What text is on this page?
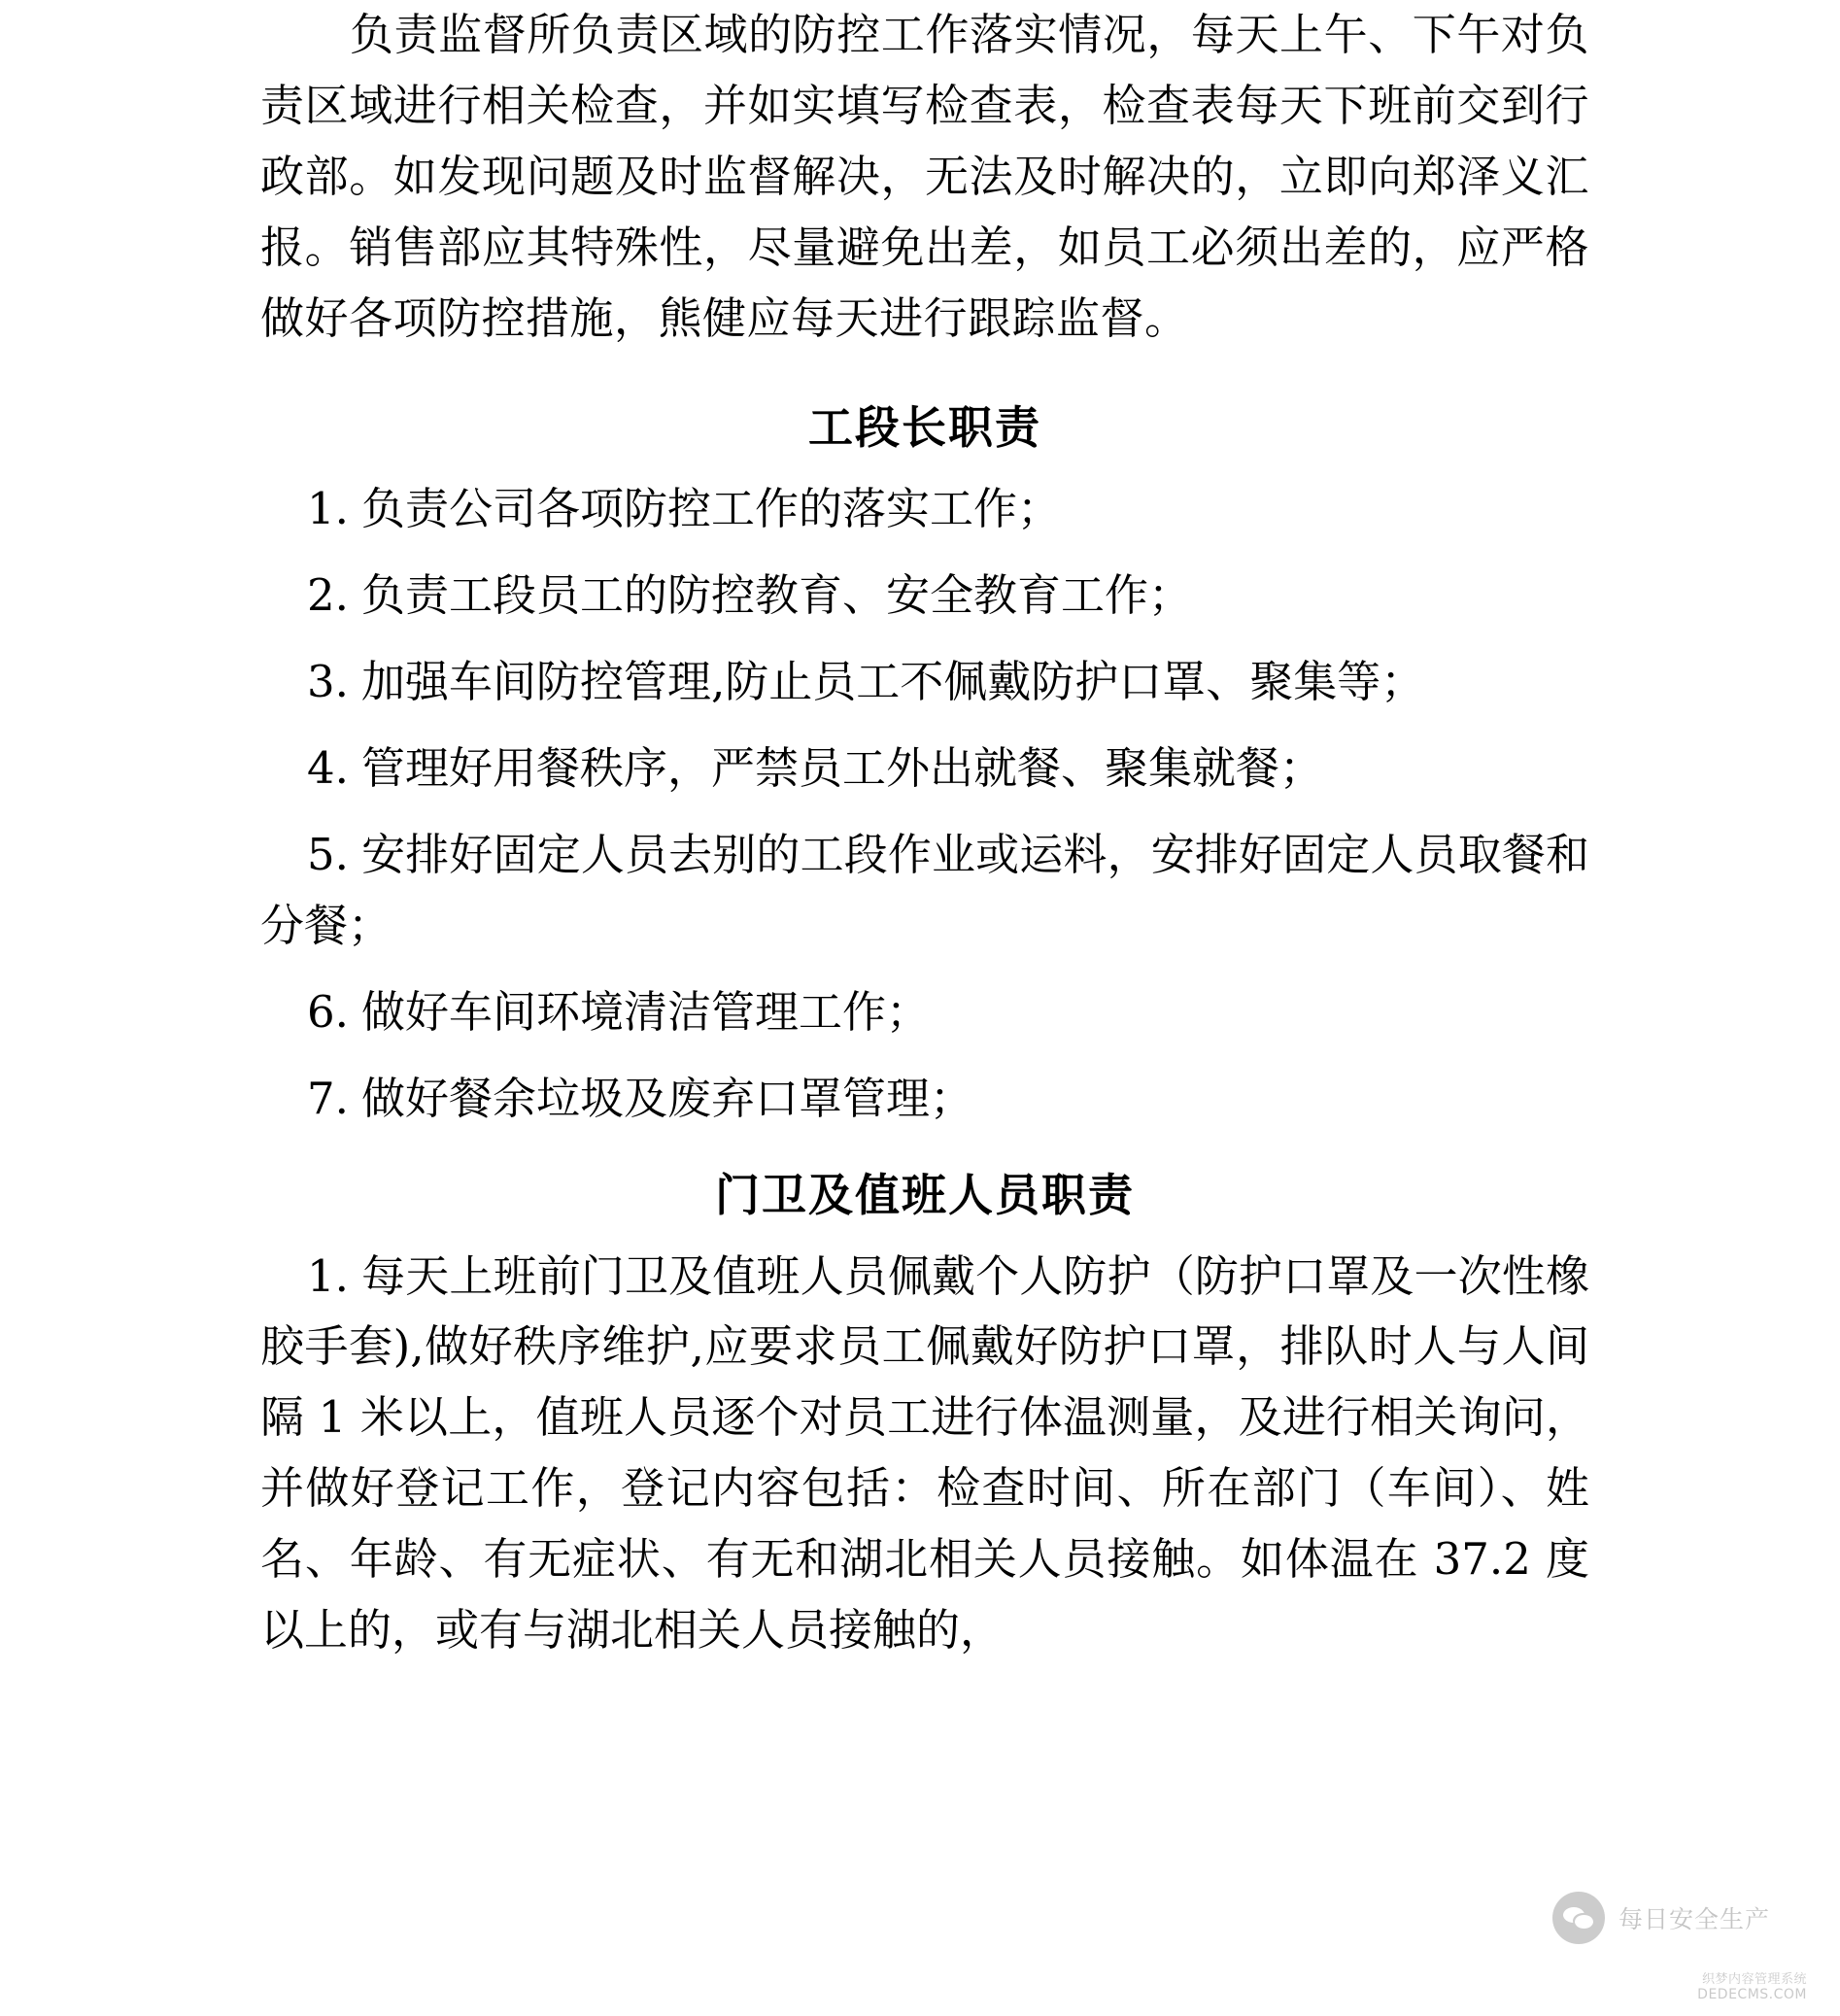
负责监督所负责区域的防控工作落实情况，每天上午、下午对负责区域进行相关检查，并如实填写检查表，检查表每天下班前交到行政部。如发现问题及时监督解决，无法及时解决的，立即向郑泽义汇报。销售部应其特殊性，尽量避免出差，如员工必须出差的，应严格做好各项防控措施，熊健应每天进行跟踪监督。

工段长职责
1. 负责公司各项防控工作的落实工作；
2. 负责工段员工的防控教育、安全教育工作；
3. 加强车间防控管理,防止员工不佩戴防护口罩、聚集等；
4. 管理好用餐秩序，严禁员工外出就餐、聚集就餐；
5. 安排好固定人员去别的工段作业或运料，安排好固定人员取餐和分餐；
6. 做好车间环境清洁管理工作；
7. 做好餐余垃圾及废弃口罩管理；
门卫及值班人员职责
1. 每天上班前门卫及值班人员佩戴个人防护（防护口罩及一次性橡胶手套),做好秩序维护,应要求员工佩戴好防护口罩，排队时人与人间隔 1 米以上，值班人员逐个对员工进行体温测量，及进行相关询问，并做好登记工作，登记内容包括：检查时间、所在部门（车间）、姓名、年龄、有无症状、有无和湖北相关人员接触。如体温在 37.2 度以上的，或有与湖北相关人员接触的，
每日安全生产
织梦内容管理系统
DEDECMS.COM
